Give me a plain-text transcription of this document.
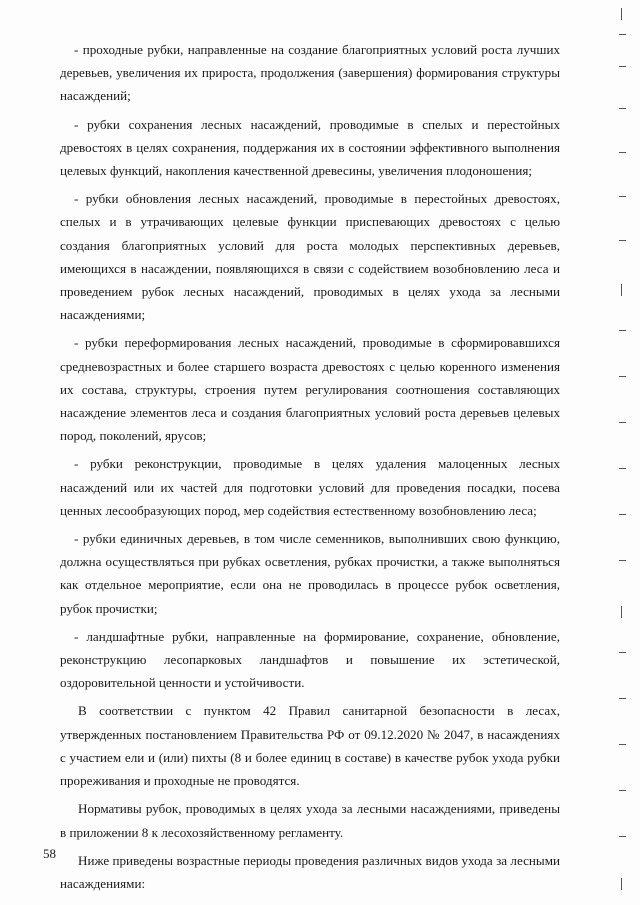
- проходные рубки, направленные на создание благоприятных условий роста лучших деревьев, увеличения их прироста, продолжения (завершения) формирования структуры насаждений;

- рубки сохранения лесных насаждений, проводимые в спелых и перестойных древостоях в целях сохранения, поддержания их в состоянии эффективного выполнения целевых функций, накопления качественной древесины, увеличения плодоношения;

- рубки обновления лесных насаждений, проводимые в перестойных древостоях, спелых и в утрачивающих целевые функции приспевающих древостоях с целью создания благоприятных условий для роста молодых перспективных деревьев, имеющихся в насаждении, появляющихся в связи с содействием возобновлению леса и проведением рубок лесных насаждений, проводимых в целях ухода за лесными насаждениями;

- рубки переформирования лесных насаждений, проводимые в сформировавшихся средневозрастных и более старшего возраста древостоях с целью коренного изменения их состава, структуры, строения путем регулирования соотношения составляющих насаждение элементов леса и создания благоприятных условий роста деревьев целевых пород, поколений, ярусов;

- рубки реконструкции, проводимые в целях удаления малоценных лесных насаждений или их частей для подготовки условий для проведения посадки, посева ценных лесообразующих пород, мер содействия естественному возобновлению леса;

- рубки единичных деревьев, в том числе семенников, выполнивших свою функцию, должна осуществляться при рубках осветления, рубках прочистки, а также выполняться как отдельное мероприятие, если она не проводилась в процессе рубок осветления, рубок прочистки;

- ландшафтные рубки, направленные на формирование, сохранение, обновление, реконструкцию лесопарковых ландшафтов и повышение их эстетической, оздоровительной ценности и устойчивости.

В соответствии с пунктом 42 Правил санитарной безопасности в лесах, утвержденных постановлением Правительства РФ от 09.12.2020 № 2047, в насаждениях с участием ели и (или) пихты (8 и более единиц в составе) в качестве рубок ухода рубки прореживания и проходные не проводятся.

Нормативы рубок, проводимых в целях ухода за лесными насаждениями, приведены в приложении 8 к лесохозяйственному регламенту.

Ниже приведены возрастные периоды проведения различных видов ухода за лесными насаждениями:

58
